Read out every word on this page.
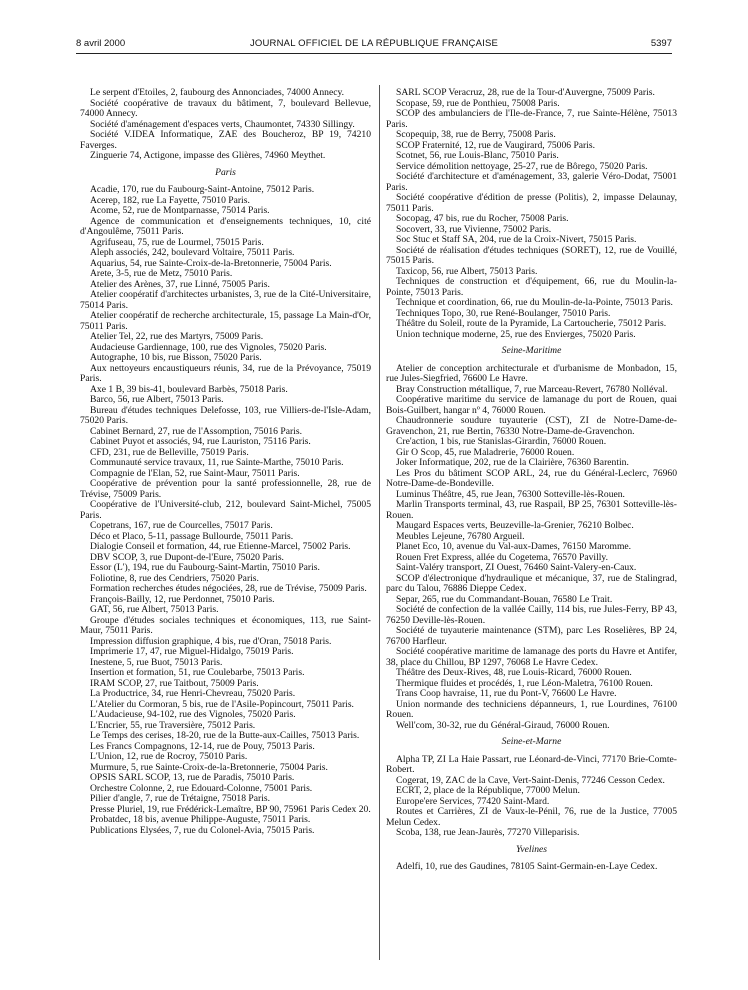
8 avril 2000	JOURNAL OFFICIEL DE LA RÉPUBLIQUE FRANÇAISE	5397

Le serpent d'Etoiles, 2, faubourg des Annonciades, 74000 Annecy.

Société coopérative de travaux du bâtiment, 7, boulevard Bellevue, 74000 Annecy.

Société d'aménagement d'espaces verts, Chaumontet, 74330 Sillingy.

Société V.IDEA Informatique, ZAE des Boucheroz, BP 19, 74210 Faverges.

Zinguerie 74, Actigone, impasse des Glières, 74960 Meythet.

Paris

Acadie, 170, rue du Faubourg-Saint-Antoine, 75012 Paris.

Acerep, 182, rue La Fayette, 75010 Paris.

Acome, 52, rue de Montparnasse, 75014 Paris.

Agence de communication et d'enseignements techniques, 10, cité d'Angoulême, 75011 Paris.

Agrifuseau, 75, rue de Lourmel, 75015 Paris.

Aleph associés, 242, boulevard Voltaire, 75011 Paris.

Aquarius, 54, rue Sainte-Croix-de-la-Bretonnerie, 75004 Paris.

Arete, 3-5, rue de Metz, 75010 Paris.

Atelier des Arènes, 37, rue Linné, 75005 Paris.

Atelier coopératif d'architectes urbanistes, 3, rue de la Cité-Universitaire, 75014 Paris.

Atelier coopératif de recherche architecturale, 15, passage La Main-d'Or, 75011 Paris.

Atelier Tel, 22, rue des Martyrs, 75009 Paris.

Audacieuse Gardiennage, 100, rue des Vignoles, 75020 Paris.

Autographe, 10 bis, rue Bisson, 75020 Paris.

Aux nettoyeurs encaustiqueurs réunis, 34, rue de la Prévoyance, 75019 Paris.

Axe 1 B, 39 bis-41, boulevard Barbès, 75018 Paris.

Barco, 56, rue Albert, 75013 Paris.

Bureau d'études techniques Delefosse, 103, rue Villiers-de-l'Isle-Adam, 75020 Paris.

Cabinet Bernard, 27, rue de l'Assomption, 75016 Paris.

Cabinet Puyot et associés, 94, rue Lauriston, 75116 Paris.

CFD, 231, rue de Belleville, 75019 Paris.

Communauté service travaux, 11, rue Sainte-Marthe, 75010 Paris.

Compagnie de l'Elan, 52, rue Saint-Maur, 75011 Paris.

Coopérative de prévention pour la santé professionnelle, 28, rue de Trévise, 75009 Paris.

Coopérative de l'Université-club, 212, boulevard Saint-Michel, 75005 Paris.

Copetrans, 167, rue de Courcelles, 75017 Paris.

Déco et Placo, 5-11, passage Bullourde, 75011 Paris.

Dialogie Conseil et formation, 44, rue Etienne-Marcel, 75002 Paris.

DBV SCOP, 3, rue Dupont-de-l'Eure, 75020 Paris.

Essor (L'), 194, rue du Faubourg-Saint-Martin, 75010 Paris.

Foliotine, 8, rue des Cendriers, 75020 Paris.

Formation recherches études négociées, 28, rue de Trévise, 75009 Paris.

François-Bailly, 12, rue Perdonnet, 75010 Paris.

GAT, 56, rue Albert, 75013 Paris.

Groupe d'études sociales techniques et économiques, 113, rue Saint-Maur, 75011 Paris.

Impression diffusion graphique, 4 bis, rue d'Oran, 75018 Paris.

Imprimerie 17, 47, rue Miguel-Hidalgo, 75019 Paris.

Inestene, 5, rue Buot, 75013 Paris.

Insertion et formation, 51, rue Coulebarbe, 75013 Paris.

IRAM SCOP, 27, rue Taitbout, 75009 Paris.

La Productrice, 34, rue Henri-Chevreau, 75020 Paris.

L'Atelier du Cormoran, 5 bis, rue de l'Asile-Popincourt, 75011 Paris.

L'Audacieuse, 94-102, rue des Vignoles, 75020 Paris.

L'Encrier, 55, rue Traversière, 75012 Paris.

Le Temps des cerises, 18-20, rue de la Butte-aux-Cailles, 75013 Paris.

Les Francs Compagnons, 12-14, rue de Pouy, 75013 Paris.

L'Union, 12, rue de Rocroy, 75010 Paris.

Murmure, 5, rue Sainte-Croix-de-la-Bretonnerie, 75004 Paris.

OPSIS SARL SCOP, 13, rue de Paradis, 75010 Paris.

Orchestre Colonne, 2, rue Edouard-Colonne, 75001 Paris.

Pilier d'angle, 7, rue de Trétaigne, 75018 Paris.

Presse Pluriel, 19, rue Frédérick-Lemaître, BP 90, 75961 Paris Cedex 20.

Probatdec, 18 bis, avenue Philippe-Auguste, 75011 Paris.

Publications Elysées, 7, rue du Colonel-Avia, 75015 Paris.

SARL SCOP Veracruz, 28, rue de la Tour-d'Auvergne, 75009 Paris.

Scopase, 59, rue de Ponthieu, 75008 Paris.

SCOP des ambulanciers de l'Ile-de-France, 7, rue Sainte-Hélène, 75013 Paris.

Scopequip, 38, rue de Berry, 75008 Paris.

SCOP Fraternité, 12, rue de Vaugirard, 75006 Paris.

Scotnet, 56, rue Louis-Blanc, 75010 Paris.

Service démolition nettoyage, 25-27, rue de Bôrego, 75020 Paris.

Société d'architecture et d'aménagement, 33, galerie Véro-Dodat, 75001 Paris.

Société coopérative d'édition de presse (Politis), 2, impasse Delaunay, 75011 Paris.

Socopag, 47 bis, rue du Rocher, 75008 Paris.

Socovert, 33, rue Vivienne, 75002 Paris.

Soc Stuc et Staff SA, 204, rue de la Croix-Nivert, 75015 Paris.

Société de réalisation d'études techniques (SORET), 12, rue de Vouillé, 75015 Paris.

Taxicop, 56, rue Albert, 75013 Paris.

Techniques de construction et d'équipement, 66, rue du Moulin-la-Pointe, 75013 Paris.

Technique et coordination, 66, rue du Moulin-de-la-Pointe, 75013 Paris.

Techniques Topo, 30, rue René-Boulanger, 75010 Paris.

Théâtre du Soleil, route de la Pyramide, La Cartoucherie, 75012 Paris.

Union technique moderne, 25, rue des Envierges, 75020 Paris.

Seine-Maritime

Atelier de conception architecturale et d'urbanisme de Monbadon, 15, rue Jules-Siegfried, 76600 Le Havre.

Bray Construction métallique, 7, rue Marceau-Revert, 76780 Nolléval.

Coopérative maritime du service de lamanage du port de Rouen, quai Bois-Guilbert, hangar nº 4, 76000 Rouen.

Chaudronnerie soudure tuyauterie (CST), ZI de Notre-Dame-de-Gravenchon, 21, rue Bertin, 76330 Notre-Dame-de-Gravenchon.

Cre'action, 1 bis, rue Stanislas-Girardin, 76000 Rouen.

Gir O Scop, 45, rue Maladrerie, 76000 Rouen.

Joker Informatique, 202, rue de la Clairière, 76360 Barentin.

Les Pros du bâtiment SCOP ARL, 24, rue du Général-Leclerc, 76960 Notre-Dame-de-Bondeville.

Luminus Théâtre, 45, rue Jean, 76300 Sotteville-lès-Rouen.

Marlin Transports terminal, 43, rue Raspail, BP 25, 76301 Sotteville-lès-Rouen.

Maugard Espaces verts, Beuzeville-la-Grenier, 76210 Bolbec.

Meubles Lejeune, 76780 Argueil.

Planet Eco, 10, avenue du Val-aux-Dames, 76150 Maromme.

Rouen Fret Express, allée du Cogetema, 76570 Pavilly.

Saint-Valéry transport, ZI Ouest, 76460 Saint-Valery-en-Caux.

SCOP d'électronique d'hydraulique et mécanique, 37, rue de Stalingrad, parc du Talou, 76886 Dieppe Cedex.

Separ, 265, rue du Commandant-Bouan, 76580 Le Trait.

Société de confection de la vallée Cailly, 114 bis, rue Jules-Ferry, BP 43, 76250 Deville-lès-Rouen.

Société de tuyauterie maintenance (STM), parc Les Roselières, BP 24, 76700 Harfleur.

Société coopérative maritime de lamanage des ports du Havre et Antifer, 38, place du Chillou, BP 1297, 76068 Le Havre Cedex.

Théâtre des Deux-Rives, 48, rue Louis-Ricard, 76000 Rouen.

Thermique fluides et procédés, 1, rue Léon-Maletra, 76100 Rouen.

Trans Coop havraise, 11, rue du Pont-V, 76600 Le Havre.

Union normande des techniciens dépanneurs, 1, rue Lourdines, 76100 Rouen.

Well'com, 30-32, rue du Général-Giraud, 76000 Rouen.

Seine-et-Marne

Alpha TP, ZI La Haie Passart, rue Léonard-de-Vinci, 77170 Brie-Comte-Robert.

Cogerat, 19, ZAC de la Cave, Vert-Saint-Denis, 77246 Cesson Cedex.

ECRT, 2, place de la République, 77000 Melun.

Europe'ere Services, 77420 Saint-Mard.

Routes et Carrières, ZI de Vaux-le-Pénil, 76, rue de la Justice, 77005 Melun Cedex.

Scoba, 138, rue Jean-Jaurès, 77270 Villeparisis.

Yvelines

Adelfi, 10, rue des Gaudines, 78105 Saint-Germain-en-Laye Cedex.
